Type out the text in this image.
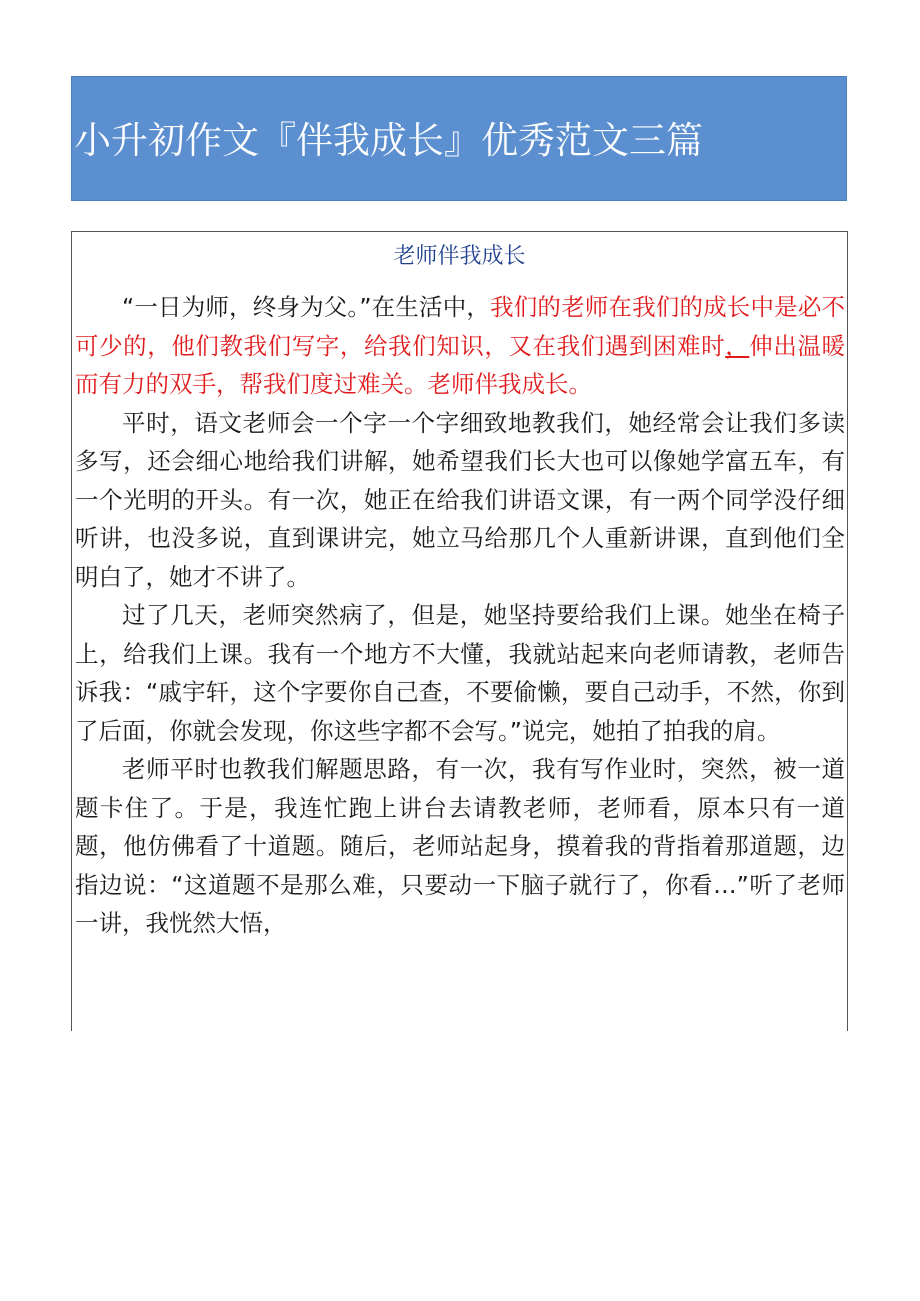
小升初作文『伴我成长』优秀范文三篇
老师伴我成长

“一日为师，终身为父。”在生活中，我们的老师在我们的成长中是必不可少的，他们教我们写字，给我们知识，又在我们遇到困难时，伸出温暖而有力的双手，帮我们度过难关。老师伴我成长。

平时，语文老师会一个字一个字细致地教我们，她经常会让我们多读多写，还会细心地给我们讲解，她希望我们长大也可以像她学富五车，有一个光明的开头。有一次，她正在给我们讲语文课，有一两个同学没仔细听讲，也没多说，直到课讲完，她立马给那几个人重新讲课，直到他们全明白了，她才不讲了。

过了几天，老师突然病了，但是，她坚持要给我们上课。她坐在椅子上，给我们上课。我有一个地方不大懂，我就站起来向老师请教，老师告诉我：“戚宇轩，这个字要你自己查，不要偷懒，要自己动手，不然，你到了后面，你就会发现，你这些字都不会写。”说完，她拍了拍我的肩。

老师平时也教我们解题思路，有一次，我有写作业时，突然，被一道题卡住了。于是，我连忙跑上讲台去请教老师，老师看，原本只有一道题，他仿佛看了十道题。随后，老师站起身，摸着我的背指着那道题，边指边说：“这道题不是那么难，只要动一下脑子就行了，你看…”听了老师一讲，我恍然大悟，
